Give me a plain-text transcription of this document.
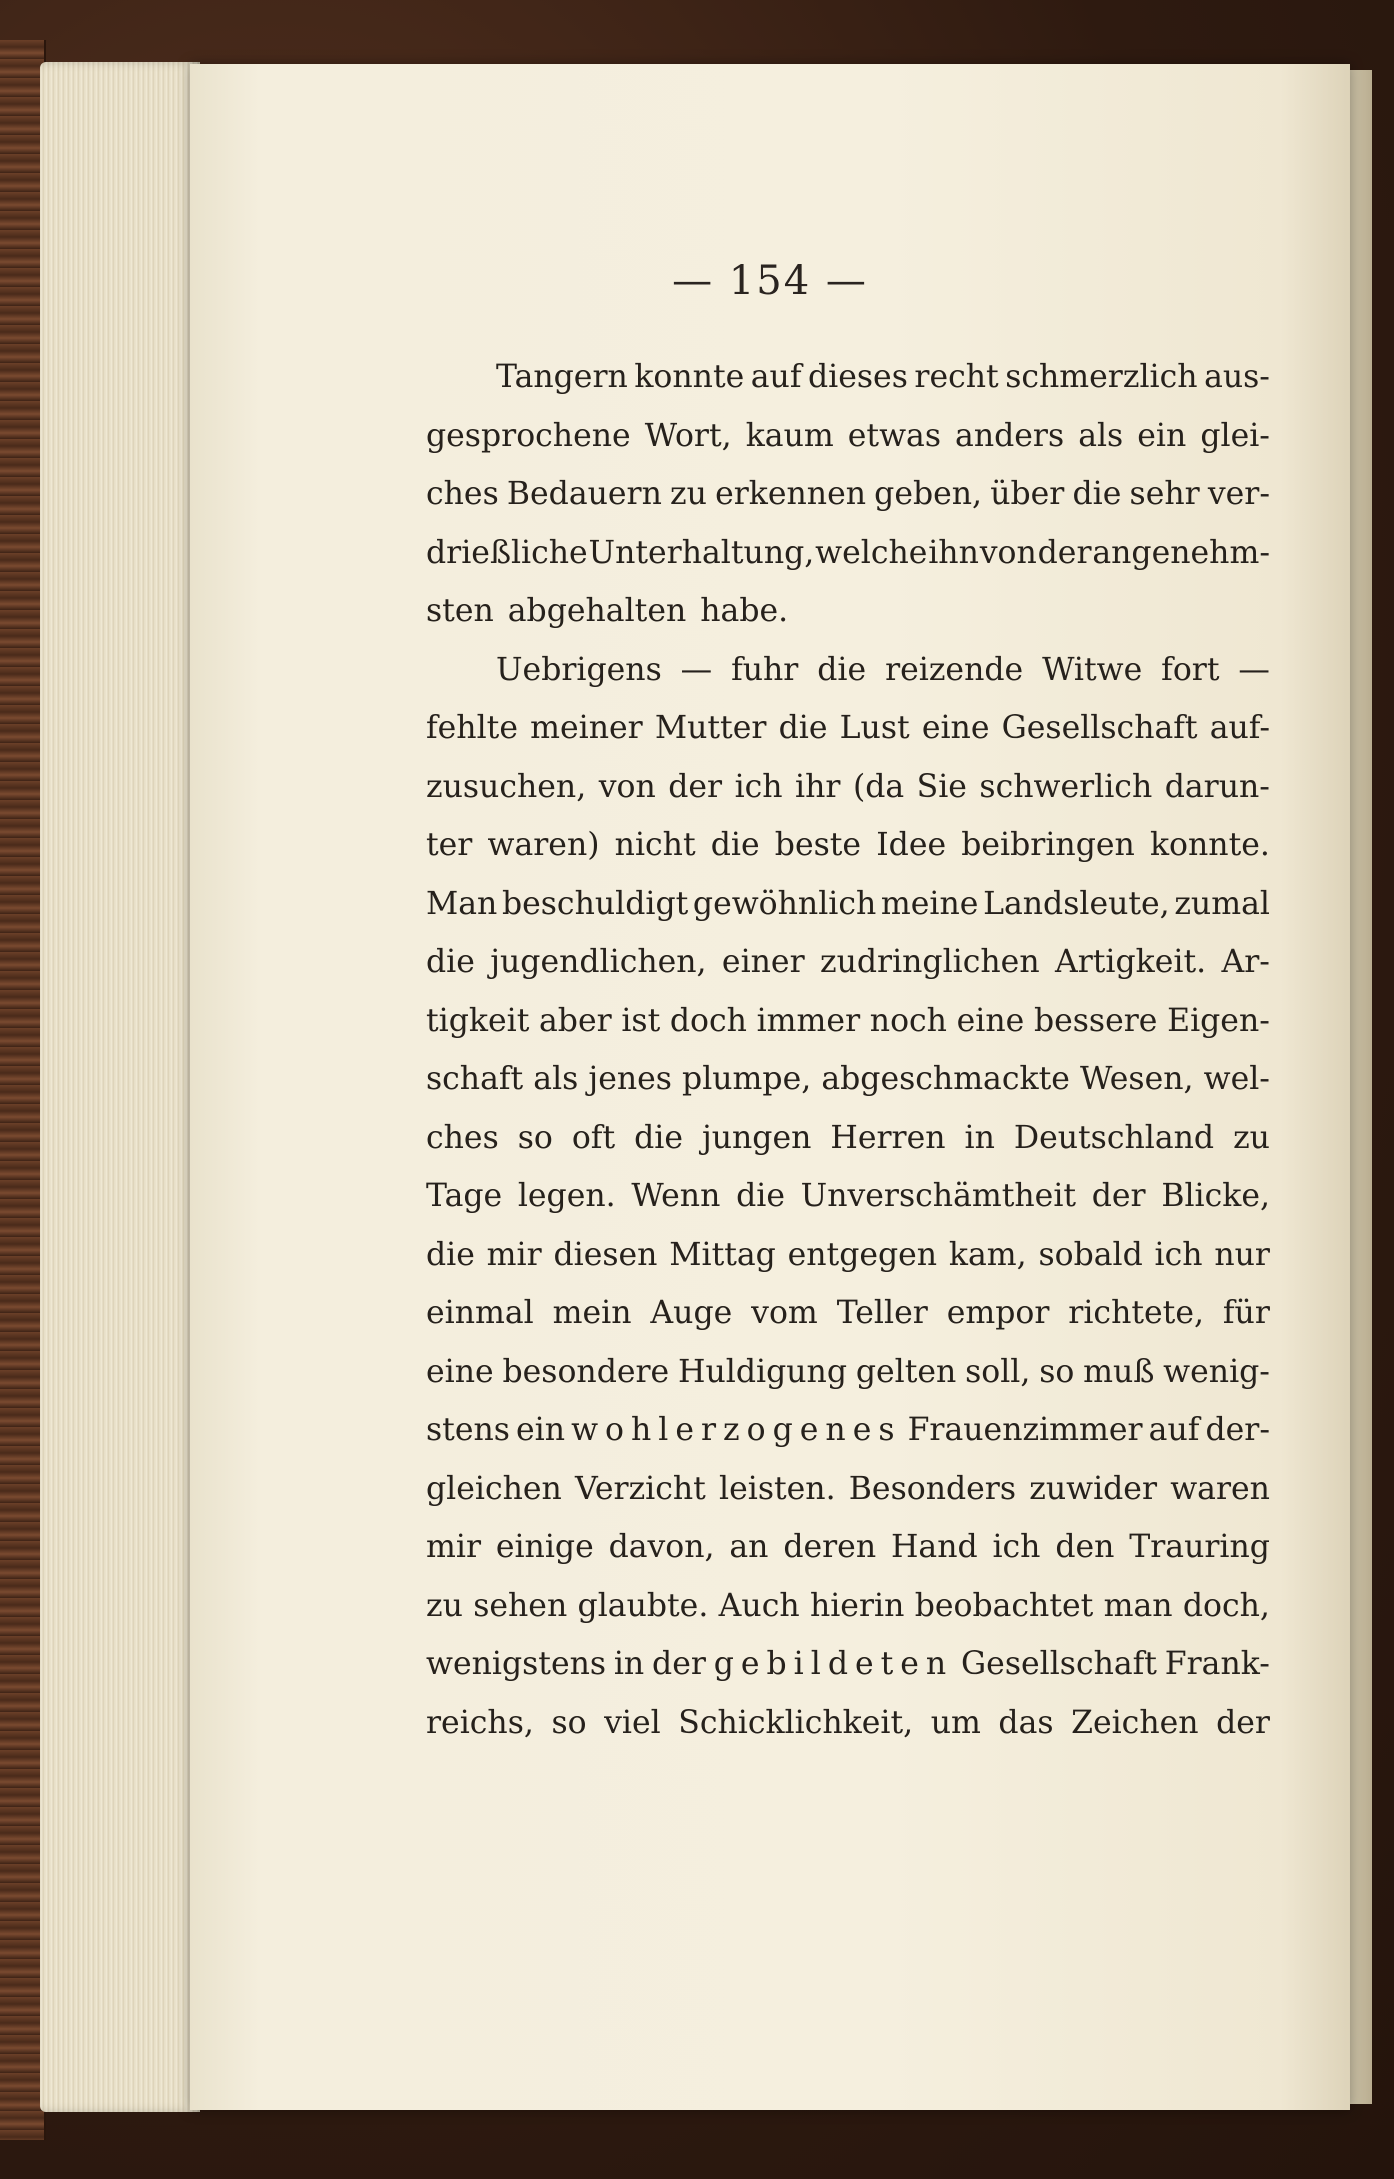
— 154 —
Tangern konnte auf dieses recht schmerzlich aus-
gesprochene Wort, kaum etwas anders als ein glei-
ches Bedauern zu erkennen geben, über die sehr ver-
drießliche Unterhaltung, welche ihn von der angenehm-
sten abgehalten habe.
Uebrigens — fuhr die reizende Witwe fort —
fehlte meiner Mutter die Lust eine Gesellschaft auf-
zusuchen, von der ich ihr (da Sie schwerlich darun-
ter waren) nicht die beste Idee beibringen konnte.
Man beschuldigt gewöhnlich meine Landsleute, zumal
die jugendlichen, einer zudringlichen Artigkeit. Ar-
tigkeit aber ist doch immer noch eine bessere Eigen-
schaft als jenes plumpe, abgeschmackte Wesen, wel-
ches so oft die jungen Herren in Deutschland zu
Tage legen. Wenn die Unverschämtheit der Blicke,
die mir diesen Mittag entgegen kam, sobald ich nur
einmal mein Auge vom Teller empor richtete, für
eine besondere Huldigung gelten soll, so muß wenig-
stens ein wohlerzogenes Frauenzimmer auf der-
gleichen Verzicht leisten. Besonders zuwider waren
mir einige davon, an deren Hand ich den Trauring
zu sehen glaubte. Auch hierin beobachtet man doch,
wenigstens in der gebildeten Gesellschaft Frank-
reichs, so viel Schicklichkeit, um das Zeichen der
